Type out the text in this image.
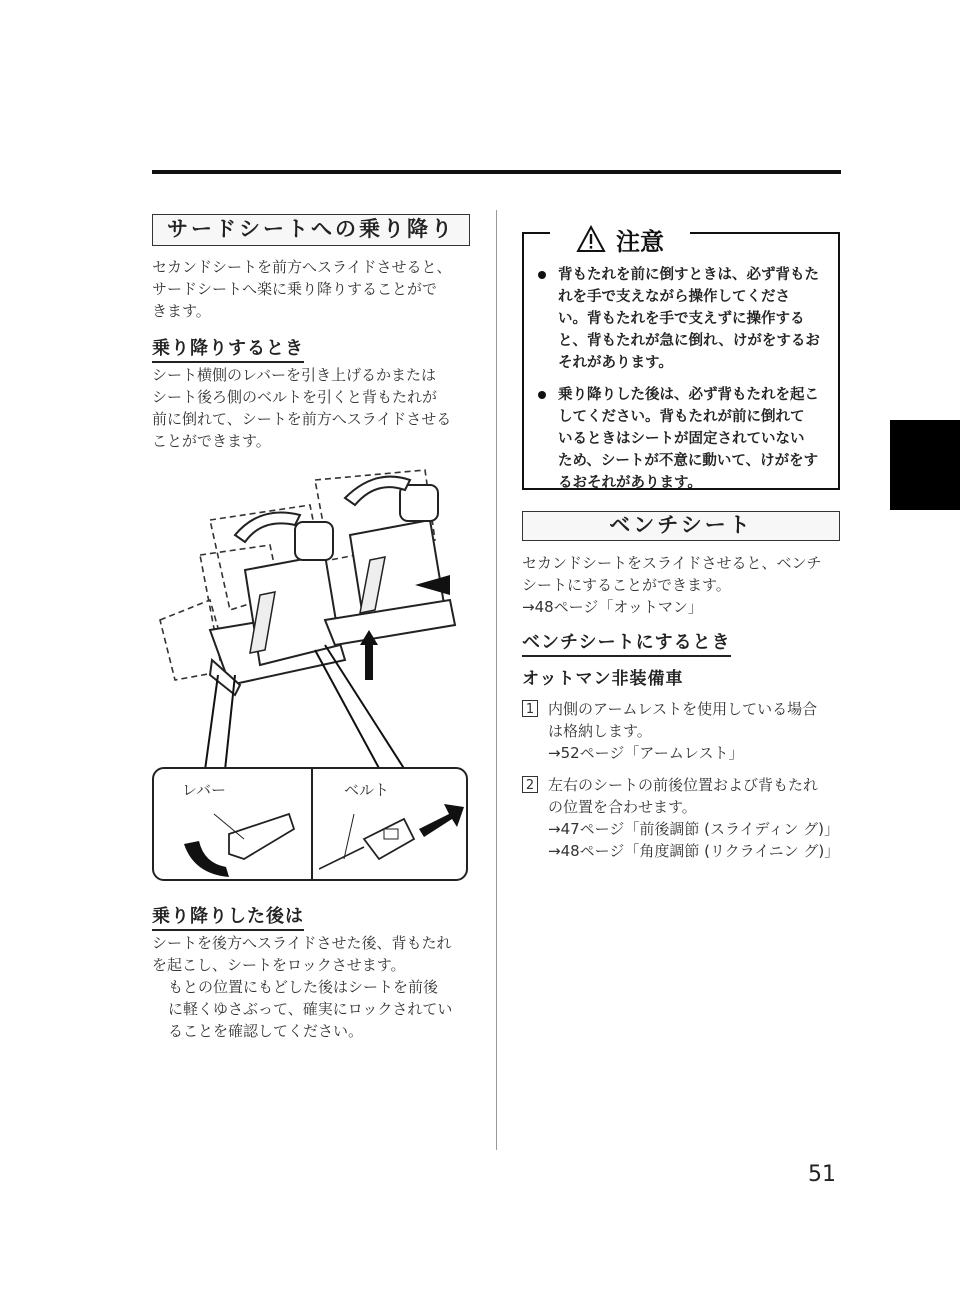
サードシートへの乗り降り
セカンドシートを前方へスライドさせると、
サードシートへ楽に乗り降りすることがで
きます。
乗り降りするとき
シート横側のレバーを引き上げるかまたは
シート後ろ側のベルトを引くと背もたれが
前に倒れて、シートを前方へスライドさせる
ことができます。
レバー	ベルト
乗り降りした後は
シートを後方へスライドさせた後、背もたれ
を起こし、シートをロックさせます。
もとの位置にもどした後はシートを前後
に軽くゆさぶって、確実にロックされてい
ることを確認してください。
背もたれを前に倒すときは、必ず背もた
れを手で支えながら操作してくださ
い。背もたれを手で支えずに操作する
と、背もたれが急に倒れ、けがをするお
それがあります。
乗り降りした後は、必ず背もたれを起こ
してください。背もたれが前に倒れて
いるときはシートが固定されていない
ため、シートが不意に動いて、けがをす
るおそれがあります。
注意
ベンチシート
セカンドシートをスライドさせると、ベンチ
シートにすることができます。
→48ページ「オットマン」
ベンチシートにするとき
オットマン非装備車
1 内側のアームレストを使用している場合
は格納します。
→52ページ「アームレスト」
2 左右のシートの前後位置および背もたれ
の位置を合わせます。
→47ページ「前後調節 (スライディン グ)」
→48ページ「角度調節 (リクライニン グ)」
51
